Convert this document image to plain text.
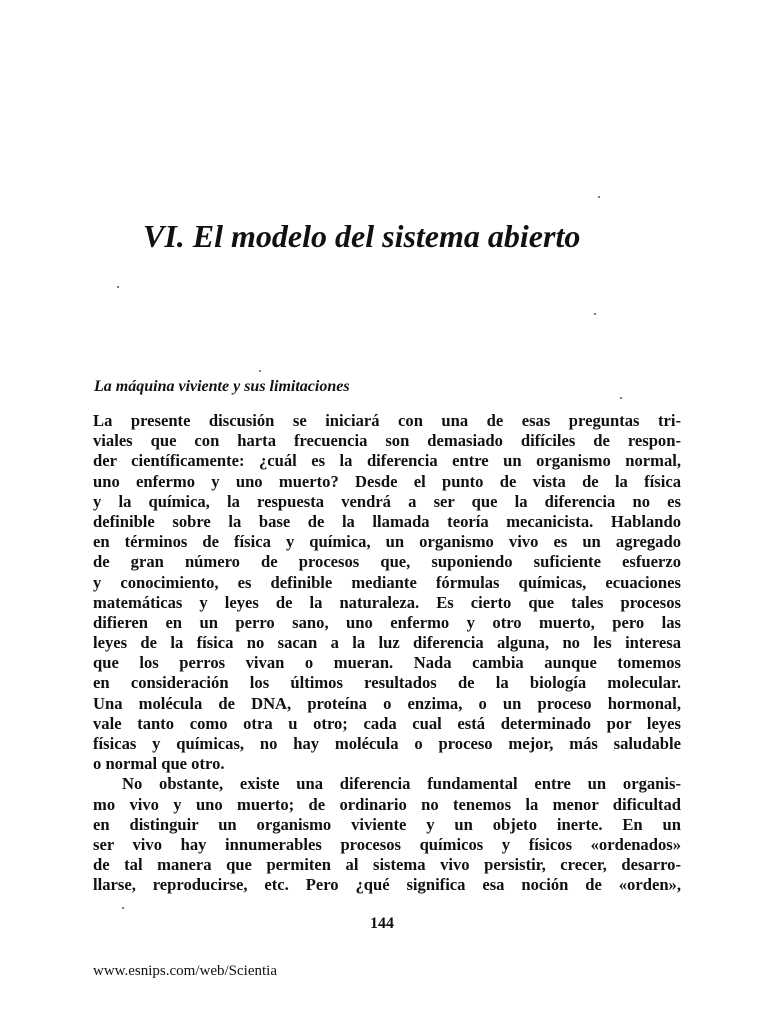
VI. El modelo del sistema abierto
La máquina viviente y sus limitaciones
La presente discusión se iniciará con una de esas preguntas tri-
viales que con harta frecuencia son demasiado difíciles de respon-
der científicamente: ¿cuál es la diferencia entre un organismo normal,
uno enfermo y uno muerto? Desde el punto de vista de la física
y la química, la respuesta vendrá a ser que la diferencia no es
definible sobre la base de la llamada teoría mecanicista. Hablando
en términos de física y química, un organismo vivo es un agregado
de gran número de procesos que, suponiendo suficiente esfuerzo
y conocimiento, es definible mediante fórmulas químicas, ecuaciones
matemáticas y leyes de la naturaleza. Es cierto que tales procesos
difieren en un perro sano, uno enfermo y otro muerto, pero las
leyes de la física no sacan a la luz diferencia alguna, no les interesa
que los perros vivan o mueran. Nada cambia aunque tomemos
en consideración los últimos resultados de la biología molecular.
Una molécula de DNA, proteína o enzima, o un proceso hormonal,
vale tanto como otra u otro; cada cual está determinado por leyes
físicas y químicas, no hay molécula o proceso mejor, más saludable
o normal que otro.
No obstante, existe una diferencia fundamental entre un organis-
mo vivo y uno muerto; de ordinario no tenemos la menor dificultad
en distinguir un organismo viviente y un objeto inerte. En un
ser vivo hay innumerables procesos químicos y físicos «ordenados»
de tal manera que permiten al sistema vivo persistir, crecer, desarro-
llarse, reproducirse, etc. Pero ¿qué significa esa noción de «orden»,
144
www.esnips.com/web/Scientia
